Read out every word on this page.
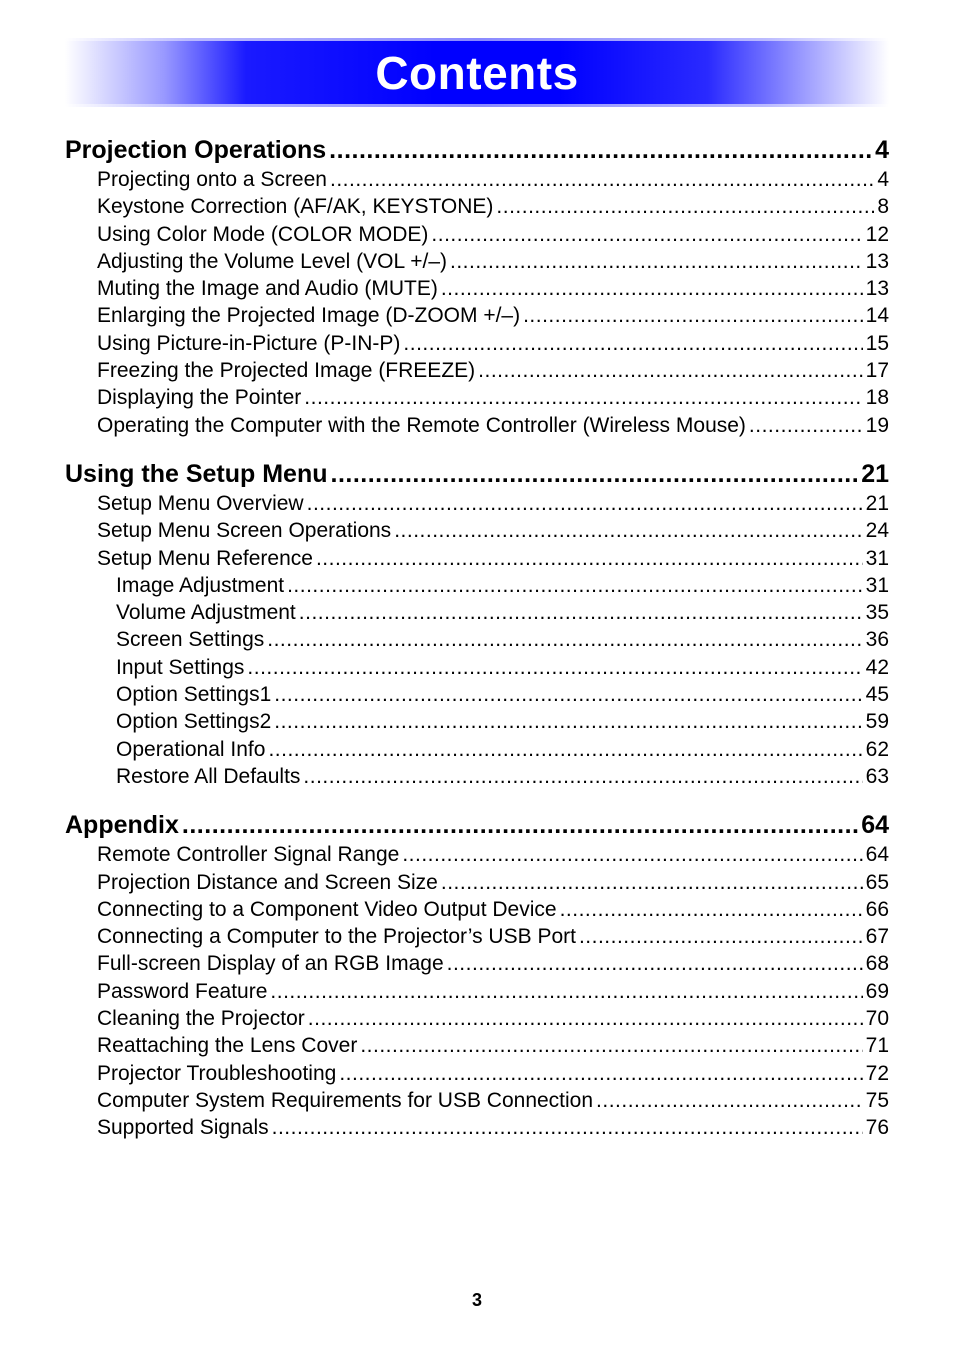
Contents
Projection Operations .....	4
Projecting onto a Screen .....	4
Keystone Correction (AF/AK, KEYSTONE) .....	8
Using Color Mode (COLOR MODE) .....	12
Adjusting the Volume Level (VOL +/–) .....	13
Muting the Image and Audio (MUTE) .....	13
Enlarging the Projected Image (D-ZOOM +/–) .....	14
Using Picture-in-Picture (P-IN-P) .....	15
Freezing the Projected Image (FREEZE) .....	17
Displaying the Pointer .....	18
Operating the Computer with the Remote Controller (Wireless Mouse) .....	19
Using the Setup Menu .....	21
Setup Menu Overview .....	21
Setup Menu Screen Operations .....	24
Setup Menu Reference .....	31
Image Adjustment .....	31
Volume Adjustment .....	35
Screen Settings .....	36
Input Settings .....	42
Option Settings1 .....	45
Option Settings2 .....	59
Operational Info .....	62
Restore All Defaults .....	63
Appendix .....	64
Remote Controller Signal Range .....	64
Projection Distance and Screen Size .....	65
Connecting to a Component Video Output Device .....	66
Connecting a Computer to the Projector’s USB Port .....	67
Full-screen Display of an RGB Image .....	68
Password Feature .....	69
Cleaning the Projector .....	70
Reattaching the Lens Cover .....	71
Projector Troubleshooting .....	72
Computer System Requirements for USB Connection .....	75
Supported Signals .....	76
3
